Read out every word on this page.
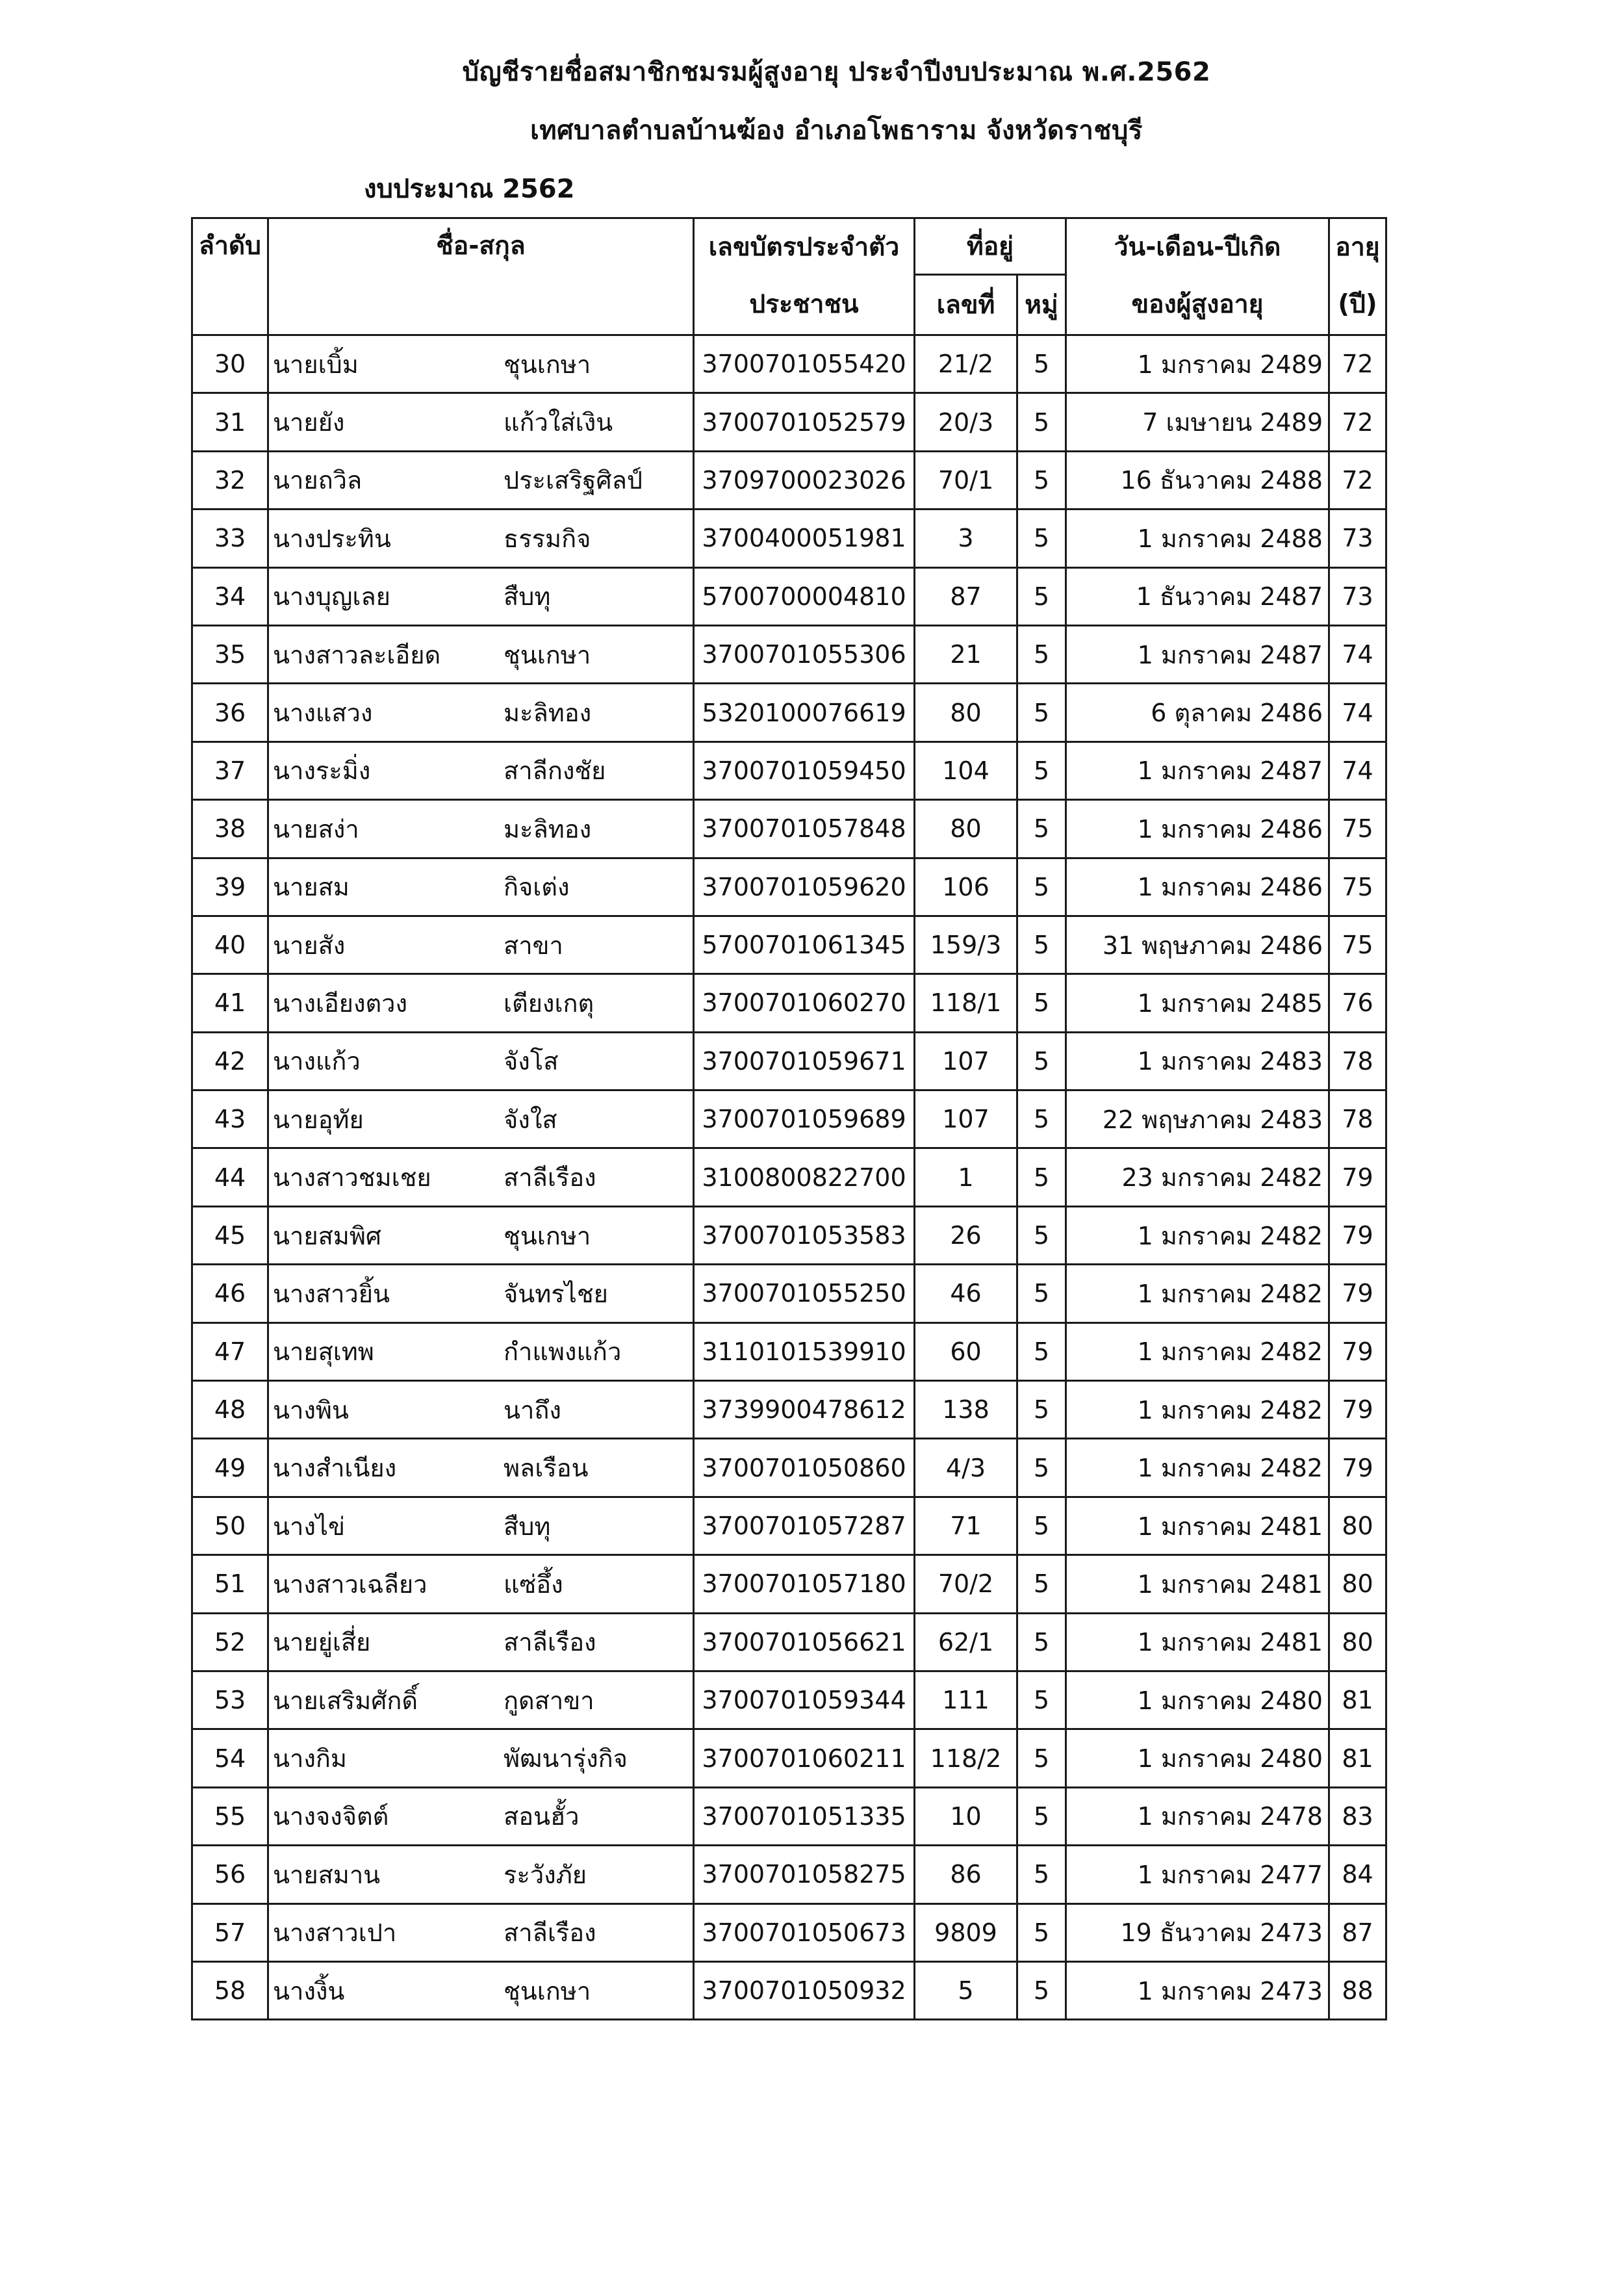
บัญชีรายชื่อสมาชิกชมรมผู้สูงอายุ ประจำปีงบประมาณ พ.ศ.2562
เทศบาลตำบลบ้านฆ้อง อำเภอโพธาราม จังหวัดราชบุรี
งบประมาณ 2562
ลำดับ	ชื่อ-สกุล	เลขบัตรประจำตัว	ที่อยู่		วัน-เดือน-ปีเกิด	อายุ
		ประชาชน	เลขที่	หมู่	ของผู้สูงอายุ	(ปี)
30	นายเบิ้ม ชุนเกษา	3700701055420	21/2	5	1 มกราคม 2489	72
31	นายยัง แก้วใส่เงิน	3700701052579	20/3	5	7 เมษายน 2489	72
32	นายถวิล ประเสริฐศิลป์	3709700023026	70/1	5	16 ธันวาคม 2488	72
33	นางประทิน ธรรมกิจ	3700400051981	3	5	1 มกราคม 2488	73
34	นางบุญเลย สืบทุ	5700700004810	87	5	1 ธันวาคม 2487	73
35	นางสาวละเอียด ชุนเกษา	3700701055306	21	5	1 มกราคม 2487	74
36	นางแสวง มะลิทอง	5320100076619	80	5	6 ตุลาคม 2486	74
37	นางระมิ่ง สาลีกงชัย	3700701059450	104	5	1 มกราคม 2487	74
38	นายสง่า มะลิทอง	3700701057848	80	5	1 มกราคม 2486	75
39	นายสม กิจเต่ง	3700701059620	106	5	1 มกราคม 2486	75
40	นายสัง สาขา	5700701061345	159/3	5	31 พฤษภาคม 2486	75
41	นางเอียงตวง เตียงเกตุ	3700701060270	118/1	5	1 มกราคม 2485	76
42	นางแก้ว จังโส	3700701059671	107	5	1 มกราคม 2483	78
43	นายอุทัย จังใส	3700701059689	107	5	22 พฤษภาคม 2483	78
44	นางสาวชมเชย สาลีเรือง	3100800822700	1	5	23 มกราคม 2482	79
45	นายสมพิศ ชุนเกษา	3700701053583	26	5	1 มกราคม 2482	79
46	นางสาวยิ้น จันทรไชย	3700701055250	46	5	1 มกราคม 2482	79
47	นายสุเทพ กำแพงแก้ว	3110101539910	60	5	1 มกราคม 2482	79
48	นางพิน นาถึง	3739900478612	138	5	1 มกราคม 2482	79
49	นางสำเนียง พลเรือน	3700701050860	4/3	5	1 มกราคม 2482	79
50	นางไข่ สืบทุ	3700701057287	71	5	1 มกราคม 2481	80
51	นางสาวเฉลียว แซ่อึ้ง	3700701057180	70/2	5	1 มกราคม 2481	80
52	นายยู่เสี่ย สาลีเรือง	3700701056621	62/1	5	1 มกราคม 2481	80
53	นายเสริมศักดิ์ กูดสาขา	3700701059344	111	5	1 มกราคม 2480	81
54	นางกิม พัฒนารุ่งกิจ	3700701060211	118/2	5	1 มกราคม 2480	81
55	นางจงจิตต์ สอนฮั้ว	3700701051335	10	5	1 มกราคม 2478	83
56	นายสมาน ระวังภัย	3700701058275	86	5	1 มกราคม 2477	84
57	นางสาวเปา สาลีเรือง	3700701050673	9809	5	19 ธันวาคม 2473	87
58	นางงิ้น ชุนเกษา	3700701050932	5	5	1 มกราคม 2473	88
